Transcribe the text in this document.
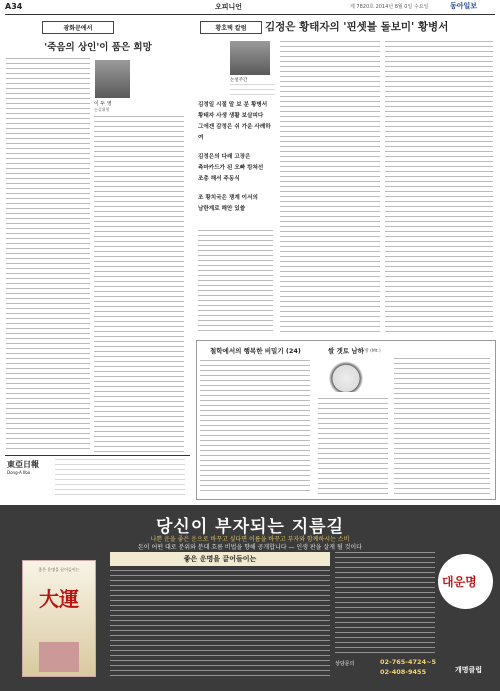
A34	오피니언	제 7820호 2014년 8월 0일 수요일	동아일보
광화문에서
'죽음의 상인'이 품은 희망
이 두 영
논설위원
東亞日報
Dong-A Ilbo
황호택 칼럼	김정은 황태자의 '핀셋블 돌보미' 황병서
논설주간
김정일 시절 말 보 분 황병서
황태자 사생 생활 보살피다
그에겐 감정은 쉬 가운 사례하여
김정은의 다래 고장은
측마카드가 된 오빠 캉쳐선
조총 해서 주동식
조 황치국은 쟁계 이서의
남한계로 해만 있쓸
철학에서의 행복한 비밀기 (24)	쌀 겟토 남하
오방 (Mt.)
당신이 부자되는 지름길
나쁜 운을 좋은 운으로 바꾸고 싶다면 이름을 바꾸고 부자와 함께하시는 스비
돈이 어떤 대로 분위와 분대 흐름 비법을 향해 공개합니다 — 인생 판을 살게 될 것이다
좋은 운명을 끌어들이는
大運
좋은 운명을 끌어들이는
대운명
상담문의	02-765-4724~5
02-408-9455	개명클럽
